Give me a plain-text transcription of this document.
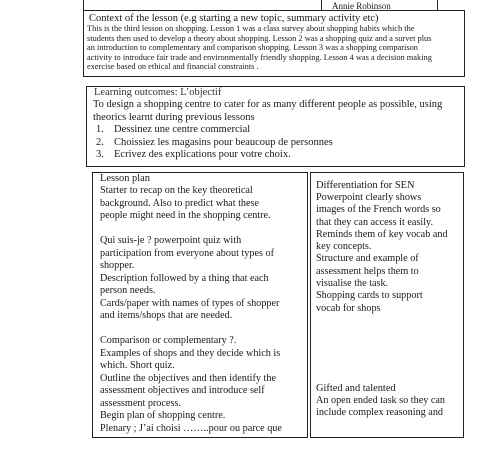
Annie Robinson
Context of the lesson (e.g starting a new topic, summary activity etc)
This is the third lesson on shopping. Lesson 1 was a class survey about shopping habits which the
students then used to develop a theory about shopping. Lesson 2 was a shopping quiz and a survet plus
an introduction to complementary and comparison shopping. Lesson 3 was a shopping comparison
activity to introduce fair trade and environmentally friendly shopping. Lesson 4 was a decision making
exercise based on ethical and financial constraints .
Learning outcomes: L’objectif
To design a shopping centre to cater for as many different people as possible, using
theorics learnt during previous lessons
1. Dessinez une centre commercial
2. Choissiez les magasins pour beaucoup de personnes
3. Ecrivez des explications pour votre choix.
Lesson plan
Starter to recap on the key theoretical
background. Also to predict what these
people might need in the shopping centre.
Qui suis-je ? powerpoint quiz with
participation from everyone about types of
shopper.
Description followed by a thing that each
person needs.
Cards/paper with names of types of shopper
and items/shops that are needed.
Comparison or complementary ?.
Examples of shops and they decide which is
which. Short quiz.
Outline the objectives and then identify the
assessment objectives and introduce self
assessment process.
Begin plan of shopping centre.
Plenary ; J’ai choisi ……..pour ou parce que
Differentiation for SEN
Powerpoint clearly shows
images of the French words so
that they can access it easily.
Reminds them of key vocab and
key concepts.
Structure and example of
assessment helps them to
visualise the task.
Shopping cards to support
vocab for shops
Gifted and talented
An open ended task so they can
include complex reasoning and
